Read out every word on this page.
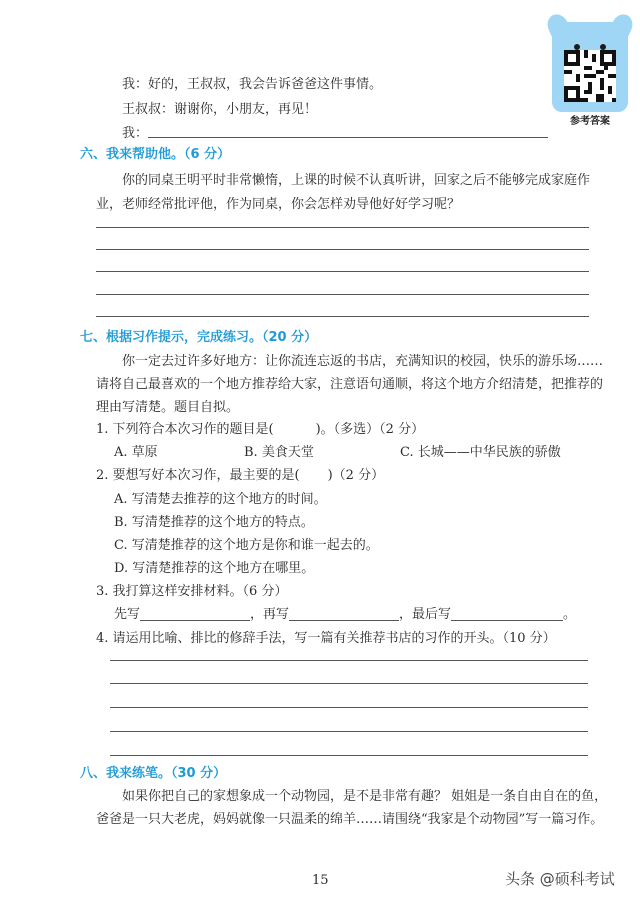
参考答案
我：好的，王叔叔，我会告诉爸爸这件事情。
王叔叔：谢谢你，小朋友，再见！
我：
六、我来帮助他。（6 分）
你的同桌王明平时非常懒惰，上课的时候不认真听讲，回家之后不能够完成家庭作
业，老师经常批评他，作为同桌，你会怎样劝导他好好学习呢？
七、根据习作提示，完成练习。（20 分）
你一定去过许多好地方：让你流连忘返的书店，充满知识的校园，快乐的游乐场……
请将自己最喜欢的一个地方推荐给大家，注意语句通顺，将这个地方介绍清楚，把推荐的
理由写清楚。题目自拟。
1. 下列符合本次习作的题目是(	)。（多选）（2 分）
A. 草原	B. 美食天堂	C. 长城——中华民族的骄傲
2. 要想写好本次习作，最主要的是( )（2 分）
A. 写清楚去推荐的这个地方的时间。
B. 写清楚推荐的这个地方的特点。
C. 写清楚推荐的这个地方是你和谁一起去的。
D. 写清楚推荐的这个地方在哪里。
3. 我打算这样安排材料。（6 分）
先写	，再写	，最后写	。
4. 请运用比喻、排比的修辞手法，写一篇有关推荐书店的习作的开头。（10 分）
八、我来练笔。（30 分）
如果你把自己的家想象成一个动物园，是不是非常有趣？ 姐姐是一条自由自在的鱼，
爸爸是一只大老虎，妈妈就像一只温柔的绵羊……请围绕“我家是个动物园”写一篇习作。
15	头条 @硕科考试
